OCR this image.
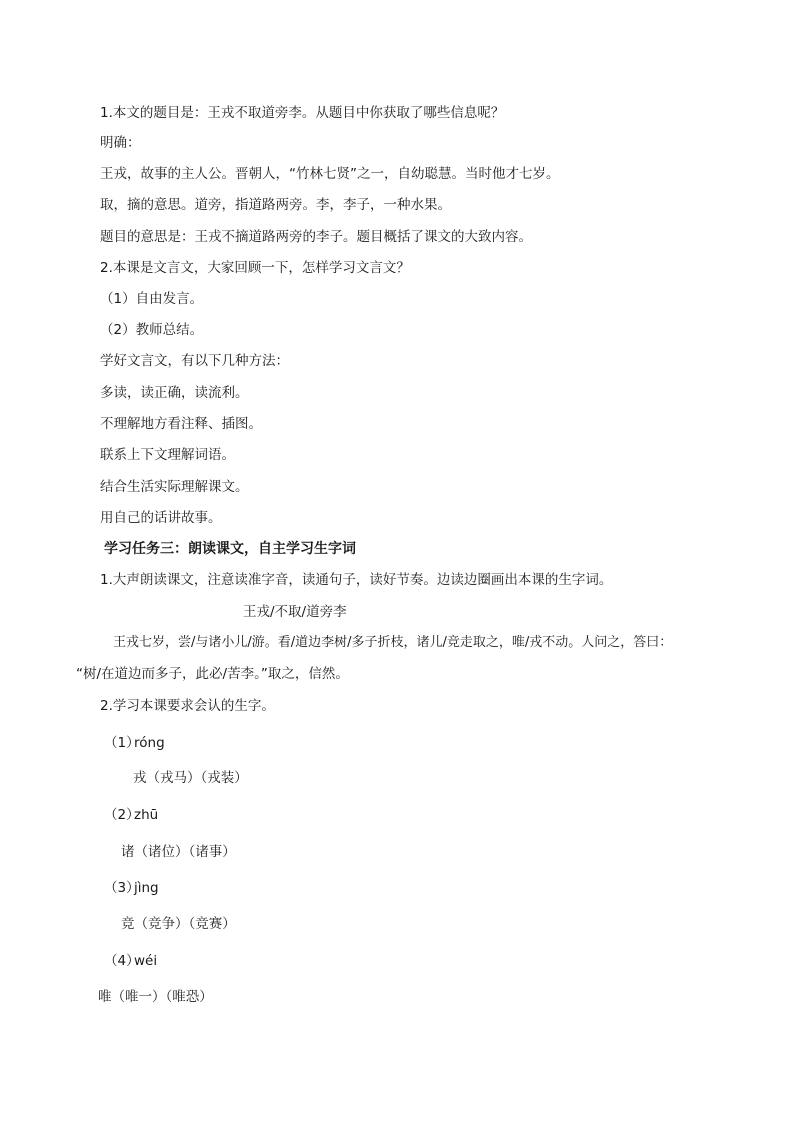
1.本文的题目是：王戎不取道旁李。从题目中你获取了哪些信息呢？
明确：
王戎，故事的主人公。晋朝人，“竹林七贤”之一，自幼聪慧。当时他才七岁。
取，摘的意思。道旁，指道路两旁。李，李子，一种水果。
题目的意思是：王戎不摘道路两旁的李子。题目概括了课文的大致内容。
2.本课是文言文，大家回顾一下，怎样学习文言文？
（1）自由发言。
（2）教师总结。
学好文言文，有以下几种方法：
多读，读正确，读流利。
不理解地方看注释、插图。
联系上下文理解词语。
结合生活实际理解课文。
用自己的话讲故事。
学习任务三：朗读课文，自主学习生字词
1.大声朗读课文，注意读准字音，读通句子，读好节奏。边读边圈画出本课的生字词。
王戎/不取/道旁李
王戎七岁，尝/与诸小儿/游。看/道边李树/多子折枝，诸儿/竞走取之，唯/戎不动。人问之，答曰：
“树/在道边而多子，此必/苦李。”取之，信然。
2.学习本课要求会认的生字。
（1）
róng
戎（戎马）（戎装）
（2）
zhū
诸（诸位）（诸事）
（3）
jìng
竞（竞争）（竞赛）
（4）
wéi
唯（唯一）（唯恐）
